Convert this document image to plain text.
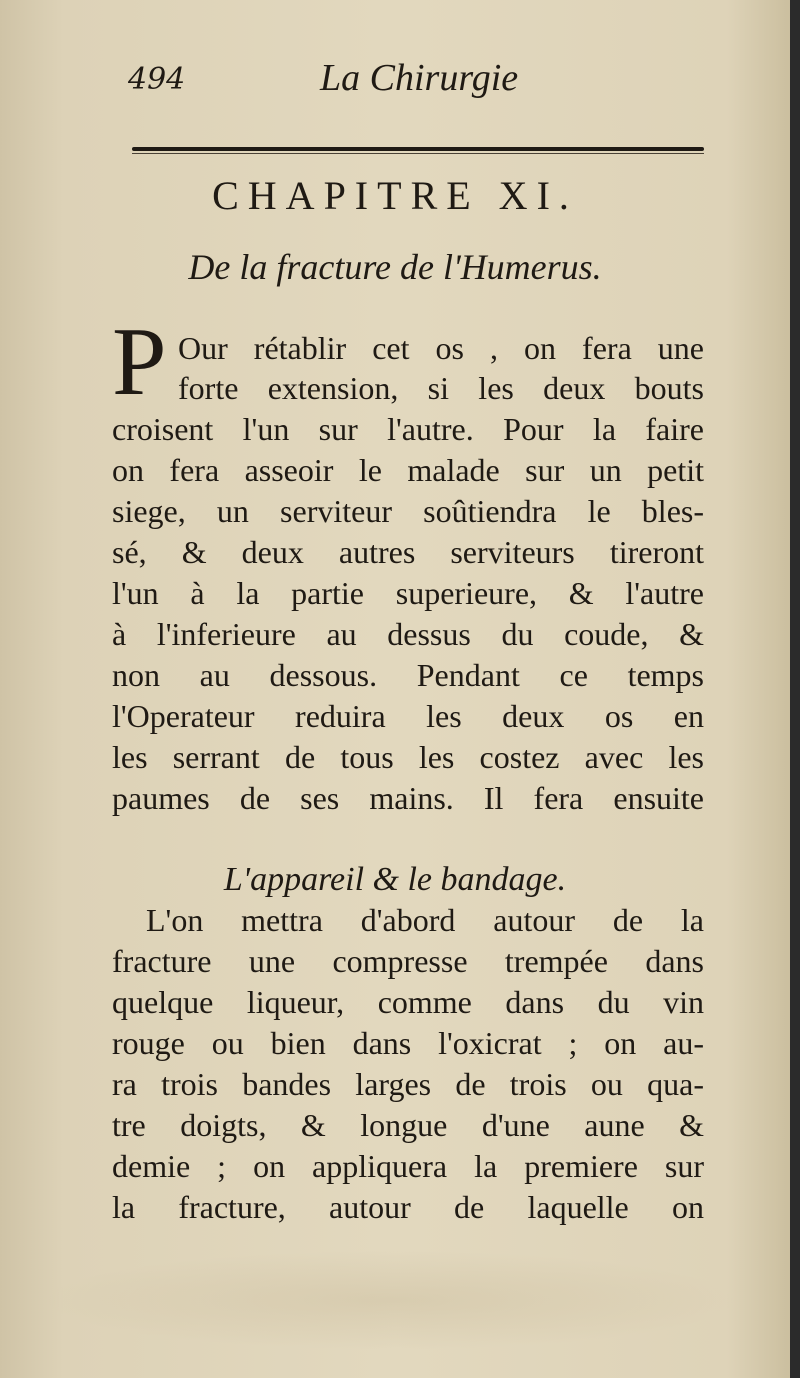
494	La Chirurgie
CHAPITRE XI.
De la fracture de l'Humerus.
P Our rétablir cet os , on fera une
forte extension, si les deux bouts
croisent l'un sur l'autre. Pour la faire
on fera asseoir le malade sur un petit
siege, un serviteur soûtiendra le bles-
sé, & deux autres serviteurs tireront
l'un à la partie superieure, & l'autre
à l'inferieure au dessus du coude, &
non au dessous. Pendant ce temps
l'Operateur reduira les deux os en
les serrant de tous les costez avec les
paumes de ses mains. Il fera ensuite
L'appareil & le bandage.
L'on mettra d'abord autour de la
fracture une compresse trempée dans
quelque liqueur, comme dans du vin
rouge ou bien dans l'oxicrat ; on au-
ra trois bandes larges de trois ou qua-
tre doigts, & longue d'une aune &
demie ; on appliquera la premiere sur
la fracture, autour de laquelle on
